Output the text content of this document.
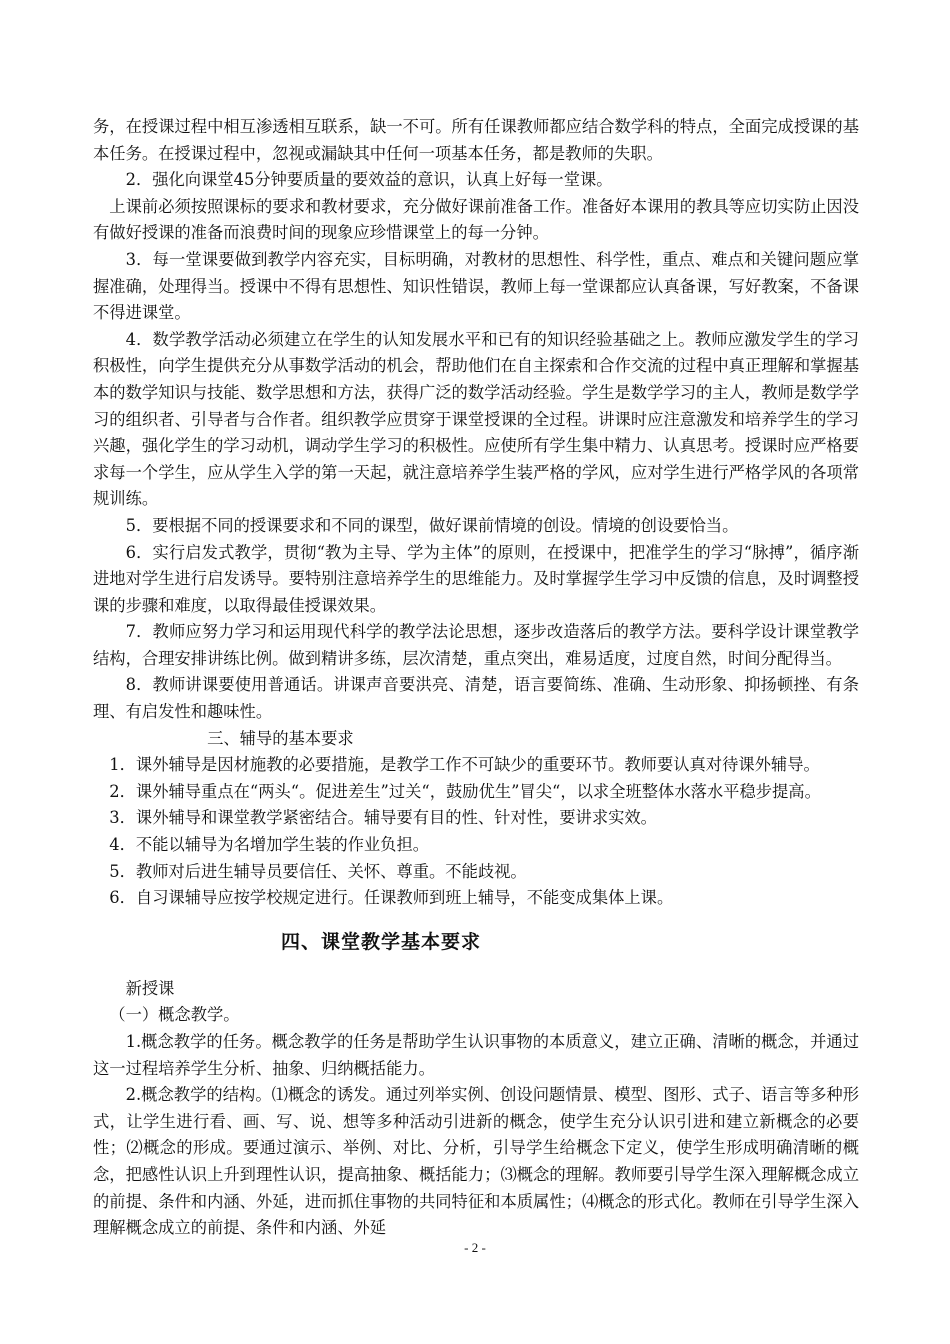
务，在授课过程中相互渗透相互联系，缺一不可。所有任课教师都应结合数学科的特点，全面完成授课的基本任务。在授课过程中，忽视或漏缺其中任何一项基本任务，都是教师的失职。

2．强化向课堂45分钟要质量的要效益的意识，认真上好每一堂课。

上课前必须按照课标的要求和教材要求，充分做好课前准备工作。准备好本课用的教具等应切实防止因没有做好授课的准备而浪费时间的现象应珍惜课堂上的每一分钟。

3．每一堂课要做到教学内容充实，目标明确，对教材的思想性、科学性，重点、难点和关键问题应掌握准确，处理得当。授课中不得有思想性、知识性错误，教师上每一堂课都应认真备课，写好教案，不备课不得进课堂。

4．数学教学活动必须建立在学生的认知发展水平和已有的知识经验基础之上。教师应激发学生的学习积极性，向学生提供充分从事数学活动的机会，帮助他们在自主探索和合作交流的过程中真正理解和掌握基本的数学知识与技能、数学思想和方法，获得广泛的数学活动经验。学生是数学学习的主人，教师是数学学习的组织者、引导者与合作者。组织教学应贯穿于课堂授课的全过程。讲课时应注意激发和培养学生的学习兴趣，强化学生的学习动机，调动学生学习的积极性。应使所有学生集中精力、认真思考。授课时应严格要求每一个学生，应从学生入学的第一天起，就注意培养学生装严格的学风，应对学生进行严格学风的各项常规训练。

5．要根据不同的授课要求和不同的课型，做好课前情境的创设。情境的创设要恰当。

6．实行启发式教学，贯彻“教为主导、学为主体”的原则，在授课中，把准学生的学习“脉搏”，循序渐进地对学生进行启发诱导。要特别注意培养学生的思维能力。及时掌握学生学习中反馈的信息，及时调整授课的步骤和难度，以取得最佳授课效果。

7．教师应努力学习和运用现代科学的教学法论思想，逐步改造落后的教学方法。要科学设计课堂教学结构，合理安排讲练比例。做到精讲多练，层次清楚，重点突出，难易适度，过度自然，时间分配得当。

8．教师讲课要使用普通话。讲课声音要洪亮、清楚，语言要简练、准确、生动形象、抑扬顿挫、有条理、有启发性和趣味性。

三、辅导的基本要求

1．课外辅导是因材施教的必要措施，是教学工作不可缺少的重要环节。教师要认真对待课外辅导。

2．课外辅导重点在“两头“。促进差生”过关“，鼓励优生”冒尖“，以求全班整体水落水平稳步提高。

3．课外辅导和课堂教学紧密结合。辅导要有目的性、针对性，要讲求实效。

4．不能以辅导为名增加学生装的作业负担。

5．教师对后进生辅导员要信任、关怀、尊重。不能歧视。

6．自习课辅导应按学校规定进行。任课教师到班上辅导，不能变成集体上课。

四、课堂教学基本要求

新授课

（一）概念教学。

1.概念教学的任务。概念教学的任务是帮助学生认识事物的本质意义，建立正确、清晰的概念，并通过这一过程培养学生分析、抽象、归纳概括能力。

2.概念教学的结构。⑴概念的诱发。通过列举实例、创设问题情景、模型、图形、式子、语言等多种形式，让学生进行看、画、写、说、想等多种活动引进新的概念，使学生充分认识引进和建立新概念的必要性；⑵概念的形成。要通过演示、举例、对比、分析，引导学生给概念下定义，使学生形成明确清晰的概念，把感性认识上升到理性认识，提高抽象、概括能力；⑶概念的理解。教师要引导学生深入理解概念成立的前提、条件和内涵、外延，进而抓住事物的共同特征和本质属性；⑷概念的形式化。教师在引导学生深入理解概念成立的前提、条件和内涵、外延

- 2 -
